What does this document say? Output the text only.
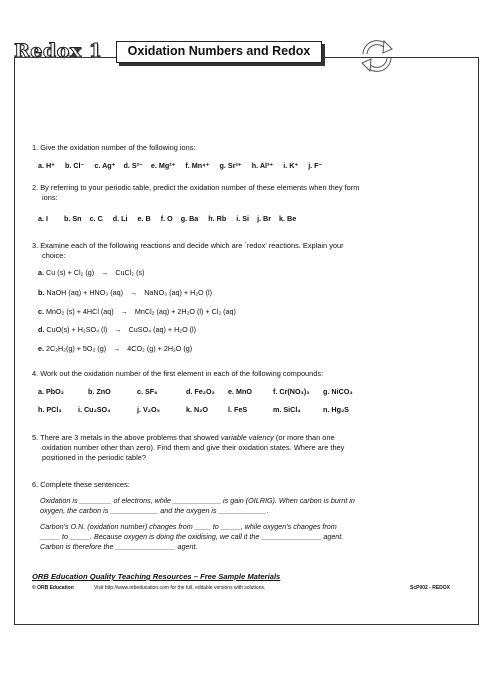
Redox 1	Oxidation Numbers and Redox
1. Give the oxidation number of the following ions:
a. H⁺ b. Cl⁻ c. Ag⁺ d. S²⁻ e. Mg²⁺ f. Mn⁴⁺ g. Sr²⁺ h. Al³⁺ i. K⁺ j. F⁻
2. By referring to your periodic table, predict the oxidation number of these elements when they form
ions:
a. I b. Sn c. C d. Li e. B f. O g. Ba h. Rb i. Si j. Br k. Be
3. Examine each of the following reactions and decide which are `redox' reactions. Explain your
choice:
a. Cu (s) + Cl₂ (g) → CuCl₂ (s)
b. NaOH (aq) + HNO₃ (aq) → NaNO₃ (aq) + H₂O (l)
c. MnO₂ (s) + 4HCl (aq) → MnCl₂ (aq) + 2H₂O (l) + Cl₂ (aq)
d. CuO(s) + H₂SO₄ (l) → CuSO₄ (aq) + H₂O (l)
e. 2C₂H₂(g) + 5O₂ (g) → 4CO₂ (g) + 2H₂O (g)
4. Work out the oxidation number of the first element in each of the following compounds:
a. PbO₂	b. ZnO	c. SF₆	d. Fe₂O₃ e. MnO	f. Cr(NO₃)₃ g. NiCO₃
h. PCl₃ i. Cu₂SO₄	j. V₂O₅	k. N₂O	l. FeS	m. SiCl₄	n. Hg₂S
5. There are 3 metals in the above problems that showed variable valency (or more than one
oxidation number other than zero). Find them and give their oxidation states. Where are they
positioned in the periodic table?
6. Complete these sentences:
Oxidation is ________ of electrons, while ____________ is gain (OILRIG). When carbon is burnt in
oxygen, the carbon is ____________ and the oxygen is ____________.
Carbon's O.N. (oxidation number) changes from ____ to _____, while oxygen's changes from
_____ to _____. Because oxygen is doing the oxidising, we call it the _______________ agent.
Carbon is therefore the _______________ agent.
ORB Education Quality Teaching Resources – Free Sample Materials
© ORB Education	Visit http://www.orbeducation.com for the full, editable versions with solutions.	ScP002 - REDOX
